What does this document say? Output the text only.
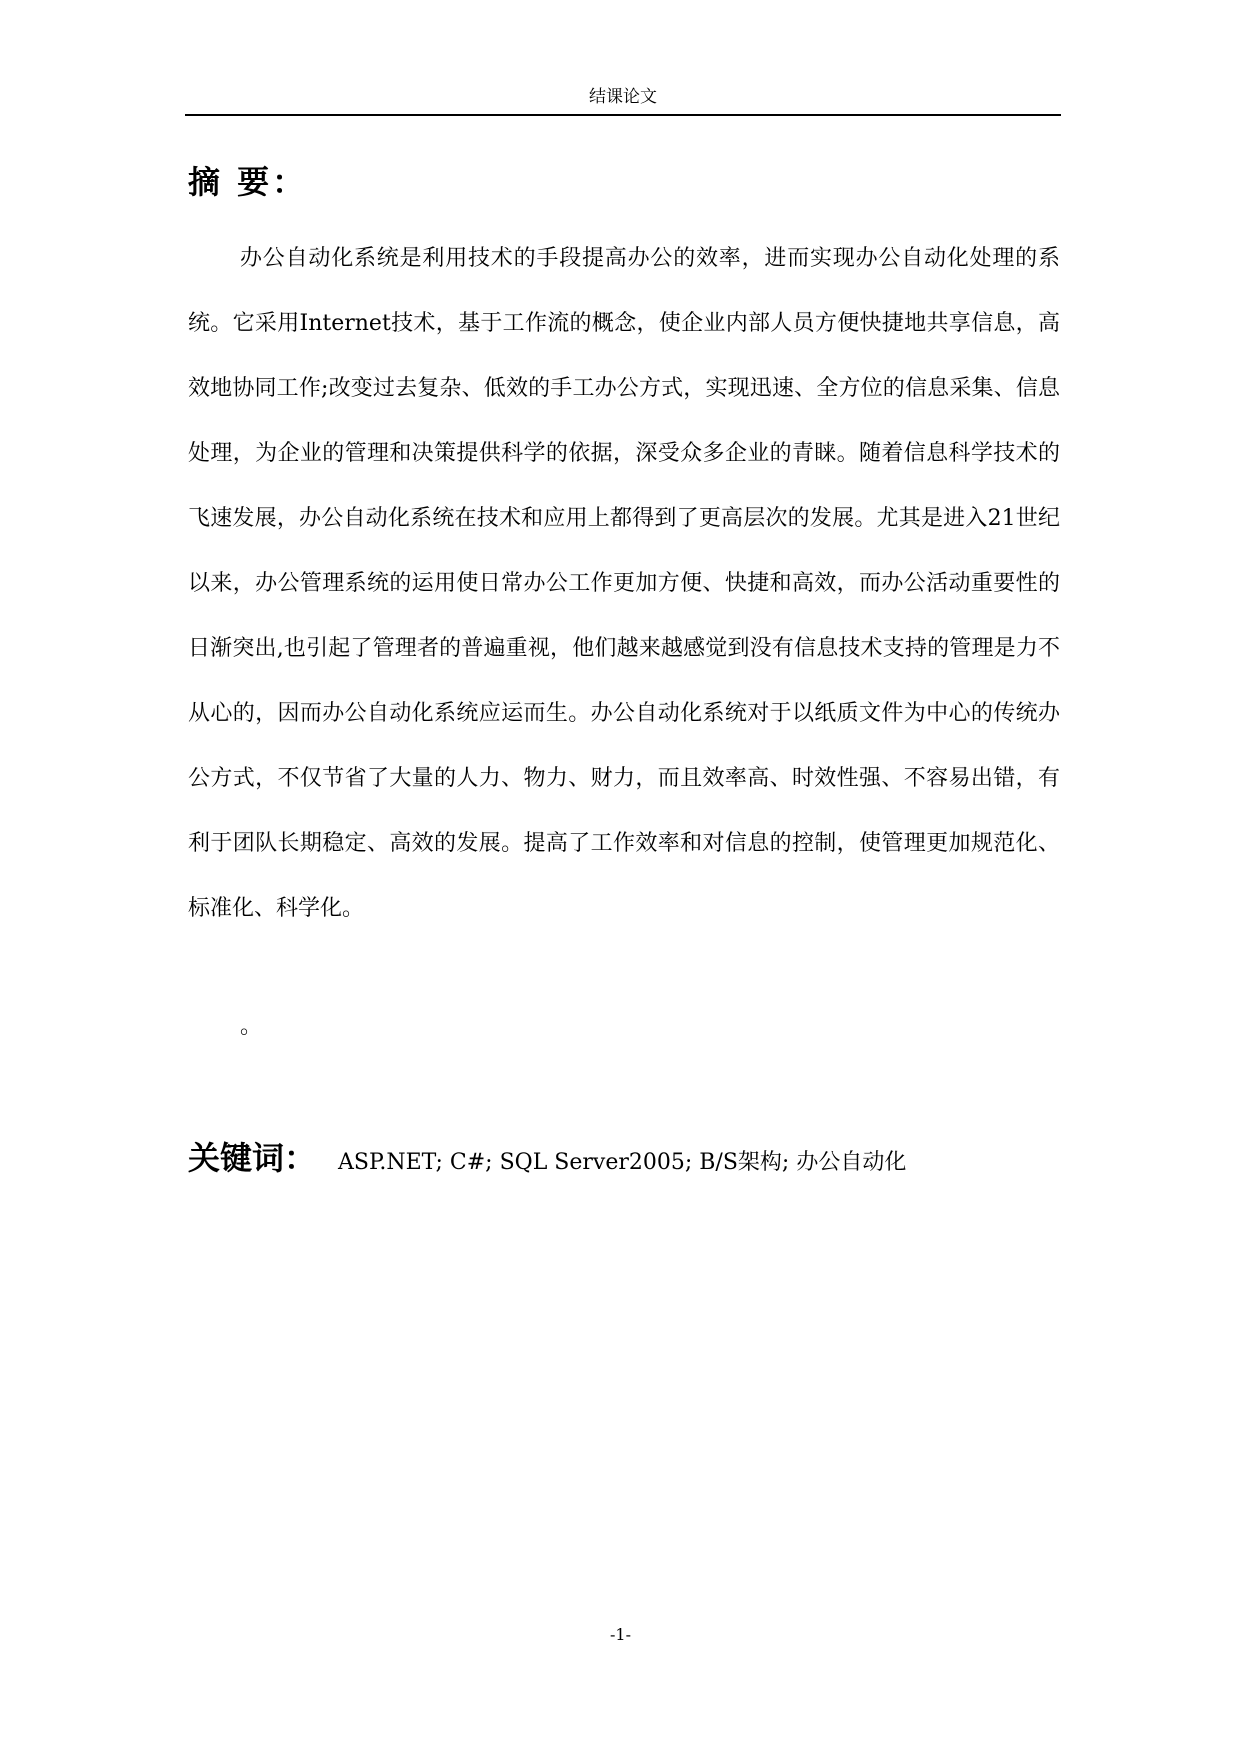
结课论文
摘 要：

办公自动化系统是利用技术的手段提高办公的效率，进而实现办公自动化处理的系统。它采用Internet技术，基于工作流的概念，使企业内部人员方便快捷地共享信息，高效地协同工作;改变过去复杂、低效的手工办公方式，实现迅速、全方位的信息采集、信息处理，为企业的管理和决策提供科学的依据，深受众多企业的青睐。随着信息科学技术的飞速发展，办公自动化系统在技术和应用上都得到了更高层次的发展。尤其是进入21世纪以来，办公管理系统的运用使日常办公工作更加方便、快捷和高效，而办公活动重要性的日渐突出,也引起了管理者的普遍重视，他们越来越感觉到没有信息技术支持的管理是力不从心的，因而办公自动化系统应运而生。办公自动化系统对于以纸质文件为中心的传统办公方式，不仅节省了大量的人力、物力、财力，而且效率高、时效性强、不容易出错，有利于团队长期稳定、高效的发展。提高了工作效率和对信息的控制，使管理更加规范化、标准化、科学化。

。
关键词： ASP.NET; C#; SQL Server2005; B/S架构; 办公自动化
-1-
